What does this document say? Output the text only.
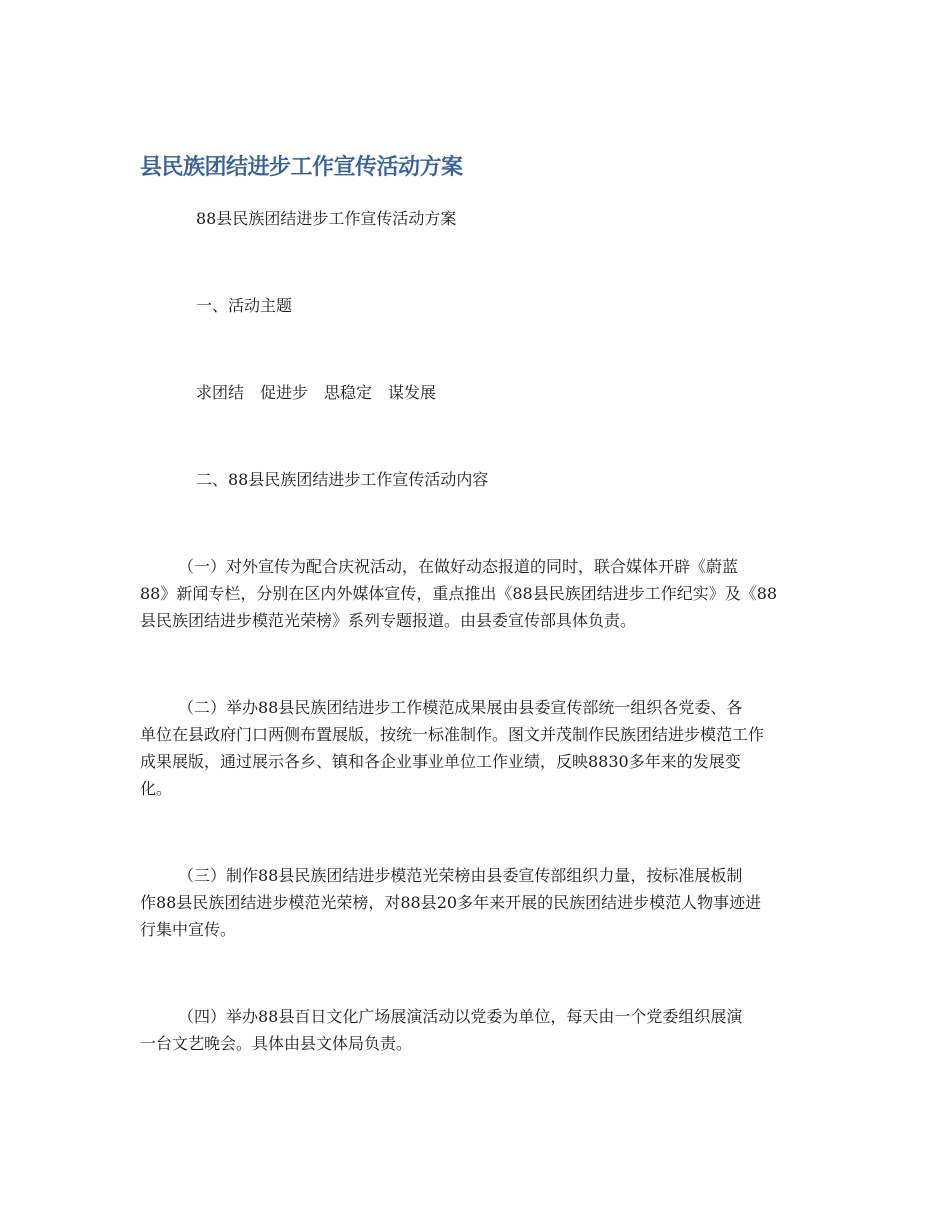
县民族团结进步工作宣传活动方案
88县民族团结进步工作宣传活动方案
一、活动主题
求团结　促进步　思稳定　谋发展
二、88县民族团结进步工作宣传活动内容
（一）对外宣传为配合庆祝活动，在做好动态报道的同时，联合媒体开辟《蔚蓝
88》新闻专栏，分别在区内外媒体宣传，重点推出《88县民族团结进步工作纪实》及《88
县民族团结进步模范光荣榜》系列专题报道。由县委宣传部具体负责。
（二）举办88县民族团结进步工作模范成果展由县委宣传部统一组织各党委、各
单位在县政府门口两侧布置展版，按统一标准制作。图文并茂制作民族团结进步模范工作
成果展版，通过展示各乡、镇和各企业事业单位工作业绩，反映8830多年来的发展变
化。
（三）制作88县民族团结进步模范光荣榜由县委宣传部组织力量，按标准展板制
作88县民族团结进步模范光荣榜，对88县20多年来开展的民族团结进步模范人物事迹进
行集中宣传。
（四）举办88县百日文化广场展演活动以党委为单位，每天由一个党委组织展演
一台文艺晚会。具体由县文体局负责。
